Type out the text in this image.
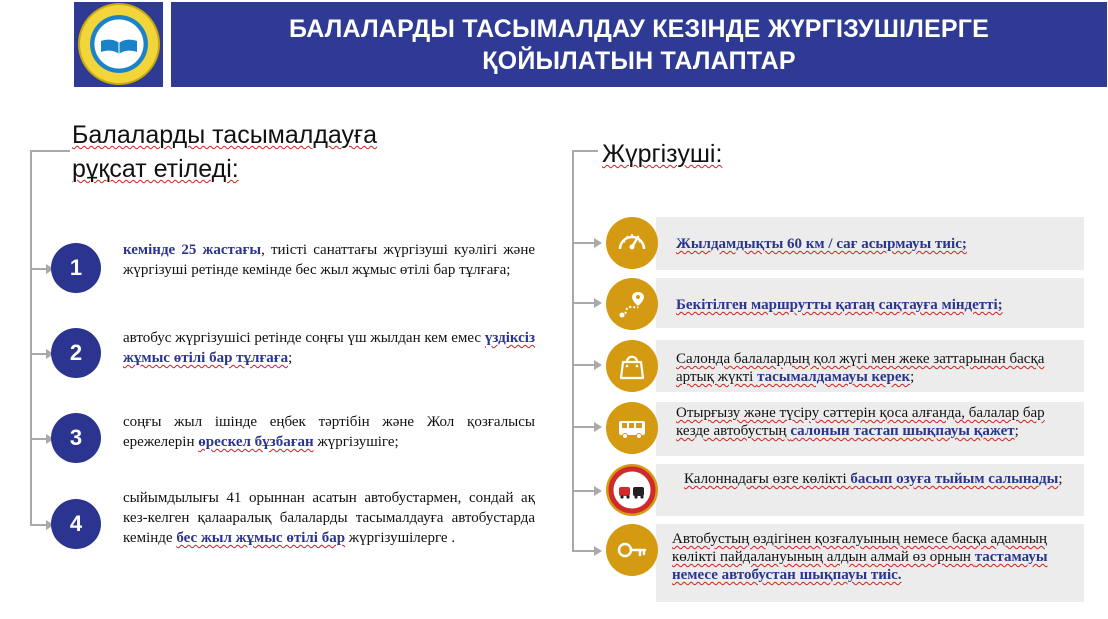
БАЛАЛАРДЫ ТАСЫМАЛДАУ КЕЗІНДЕ ЖҮРГІЗУШІЛЕРГЕ ҚОЙЫЛАТЫН ТАЛАПТАР
Балаларды тасымалдауға
рұқсат етіледі:
1
2
3
4
кемінде 25 жастағы, тиісті санаттағы жүргізуші куәлігі және жүргізуші ретінде кемінде бес жыл жұмыс өтілі бар тұлғаға;
автобус жүргізушісі ретінде соңғы үш жылдан кем емес үздіксіз жұмыс өтілі бар тұлғаға;
соңғы жыл ішінде еңбек тәртібін және Жол қозғалысы ережелерін өрескел бұзбаған жүргізушіге;
сыйымдылығы 41 орыннан асатын автобустармен, сондай ақ кез-келген қалааралық балаларды тасымалдауға автобустарда кемінде бес жыл жұмыс өтілі бар жүргізушілерге .
Жүргізуші:
Жылдамдықты 60 км / сағ асырмауы тиіс;
Бекітілген маршрутты қатаң сақтауға міндетті;
Салонда балалардың қол жүгі мен жеке заттарынан басқа артық жүкті тасымалдамауы керек;
Отырғызу және түсіру сәттерін қоса алғанда, балалар бар кезде автобустың салонын тастап шықпауы қажет;
Калоннадағы өзге көлікті басып озуға тыйым салынады;
Автобустың өздігінен қозғалуының немесе басқа адамның көлікті пайдалануының алдын алмай өз орнын тастамауы немесе автобустан шықпауы тиіс.
